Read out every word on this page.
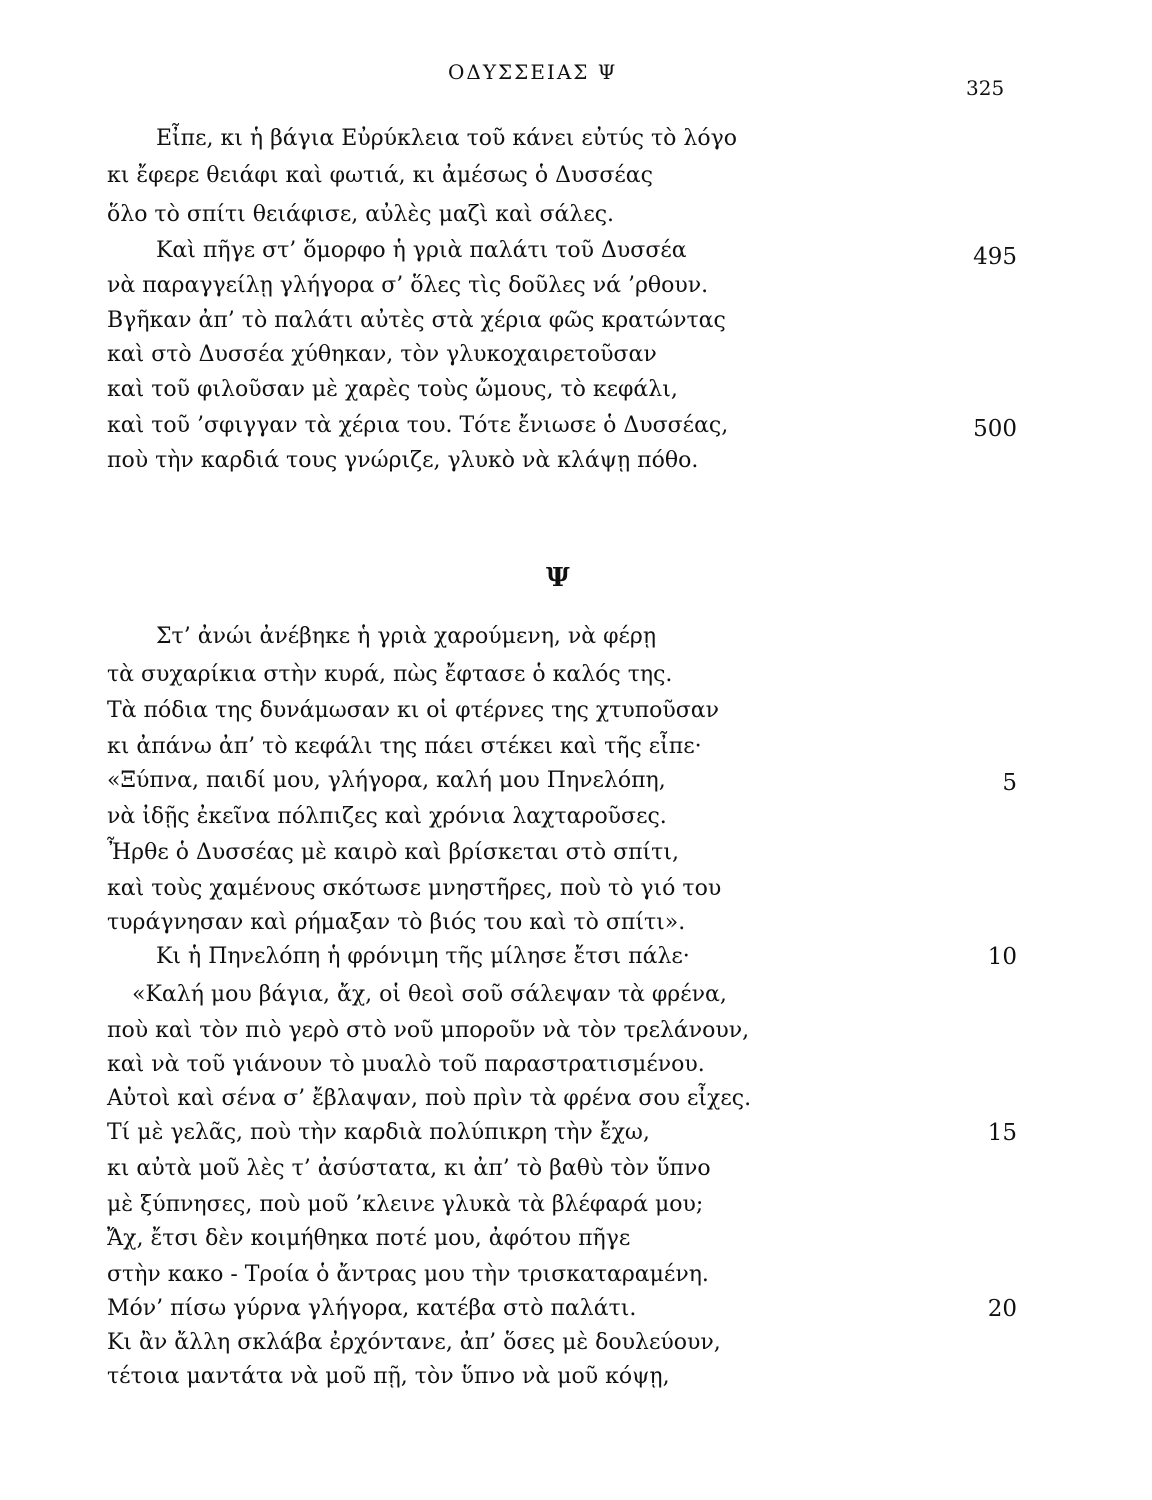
ΟΔΥΣΣΕΙΑΣ Ψ
325
Εἶπε, κι ἡ βάγια Εὐρύκλεια τοῦ κάνει εὐτύς τὸ λόγο
κι ἔφερε θειάφι καὶ φωτιά, κι ἀμέσως ὁ Δυσσέας
ὅλο τὸ σπίτι θειάφισε, αὐλὲς μαζὶ καὶ σάλες.
Καὶ πῆγε στ’ ὅμορφο ἡ γριὰ παλάτι τοῦ Δυσσέα	495
νὰ παραγγείλῃ γλήγορα σ’ ὅλες τὶς δοῦλες νά ’ρθουν.
Βγῆκαν ἀπ’ τὸ παλάτι αὐτὲς στὰ χέρια φῶς κρατώντας
καὶ στὸ Δυσσέα χύθηκαν, τὸν γλυκοχαιρετοῦσαν
καὶ τοῦ φιλοῦσαν μὲ χαρὲς τοὺς ὤμους, τὸ κεφάλι,
καὶ τοῦ ’σφιγγαν τὰ χέρια του. Τότε ἔνιωσε ὁ Δυσσέας,	500
ποὺ τὴν καρδιά τους γνώριζε, γλυκὸ νὰ κλάψῃ πόθο.
Ψ
Στ’ ἀνώι ἀνέβηκε ἡ γριὰ χαρούμενη, νὰ φέρῃ
τὰ συχαρίκια στὴν κυρά, πὼς ἔφτασε ὁ καλός της.
Τὰ πόδια της δυνάμωσαν κι οἱ φτέρνες της χτυποῦσαν
κι ἀπάνω ἀπ’ τὸ κεφάλι της πάει στέκει καὶ τῆς εἶπε·
«Ξύπνα, παιδί μου, γλήγορα, καλή μου Πηνελόπη,	5
νὰ ἰδῇς ἐκεῖνα πόλπιζες καὶ χρόνια λαχταροῦσες.
Ἦρθε ὁ Δυσσέας μὲ καιρὸ καὶ βρίσκεται στὸ σπίτι,
καὶ τοὺς χαμένους σκότωσε μνηστῆρες, ποὺ τὸ γιό του
τυράγνησαν καὶ ρήμαξαν τὸ βιός του καὶ τὸ σπίτι».
Κι ἡ Πηνελόπη ἡ φρόνιμη τῆς μίλησε ἔτσι πάλε·	10
«Καλή μου βάγια, ἄχ, οἱ θεοὶ σοῦ σάλεψαν τὰ φρένα,
ποὺ καὶ τὸν πιὸ γερὸ στὸ νοῦ μποροῦν νὰ τὸν τρελάνουν,
καὶ νὰ τοῦ γιάνουν τὸ μυαλὸ τοῦ παραστρατισμένου.
Αὐτοὶ καὶ σένα σ’ ἔβλαψαν, ποὺ πρὶν τὰ φρένα σου εἶχες.
Τί μὲ γελᾶς, ποὺ τὴν καρδιὰ πολύπικρη τὴν ἔχω,	15
κι αὐτὰ μοῦ λὲς τ’ ἀσύστατα, κι ἀπ’ τὸ βαθὺ τὸν ὕπνο
μὲ ξύπνησες, ποὺ μοῦ ’κλεινε γλυκὰ τὰ βλέφαρά μου;
Ἄχ, ἔτσι δὲν κοιμήθηκα ποτέ μου, ἀφότου πῆγε
στὴν κακο - Τροία ὁ ἄντρας μου τὴν τρισκαταραμένη.
Μόν’ πίσω γύρνα γλήγορα, κατέβα στὸ παλάτι.	20
Κι ἂν ἄλλη σκλάβα ἐρχόντανε, ἀπ’ ὅσες μὲ δουλεύουν,
τέτοια μαντάτα νὰ μοῦ πῇ, τὸν ὕπνο νὰ μοῦ κόψῃ,
